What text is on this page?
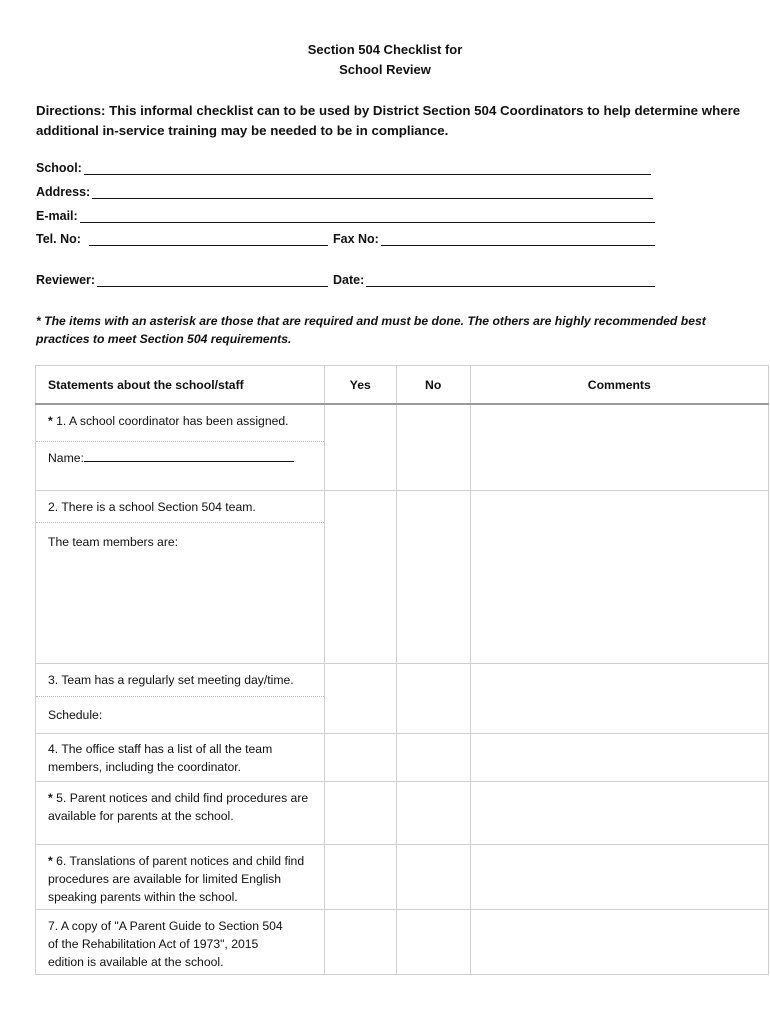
Section 504 Checklist for
School Review
Directions: This informal checklist can to be used by District Section 504 Coordinators to help determine where additional in-service training may be needed to be in compliance.
School:
Address:
E-mail:
Tel. No:	Fax No:
Reviewer:	Date:
* The items with an asterisk are those that are required and must be done. The others are highly recommended best practices to meet Section 504 requirements.
Statements about the school/staff	Yes	No	Comments

* 1. A school coordinator has been assigned.
Name:			

2. There is a school Section 504 team.
The team members are:			

3. Team has a regularly set meeting day/time.
Schedule:			

4. The office staff has a list of all the team members, including the coordinator.			

* 5. Parent notices and child find procedures are available for parents at the school.			

* 6. Translations of parent notices and child find procedures are available for limited English speaking parents within the school.			

7. A copy of "A Parent Guide to Section 504 of the Rehabilitation Act of 1973", 2015 edition is available at the school.			
